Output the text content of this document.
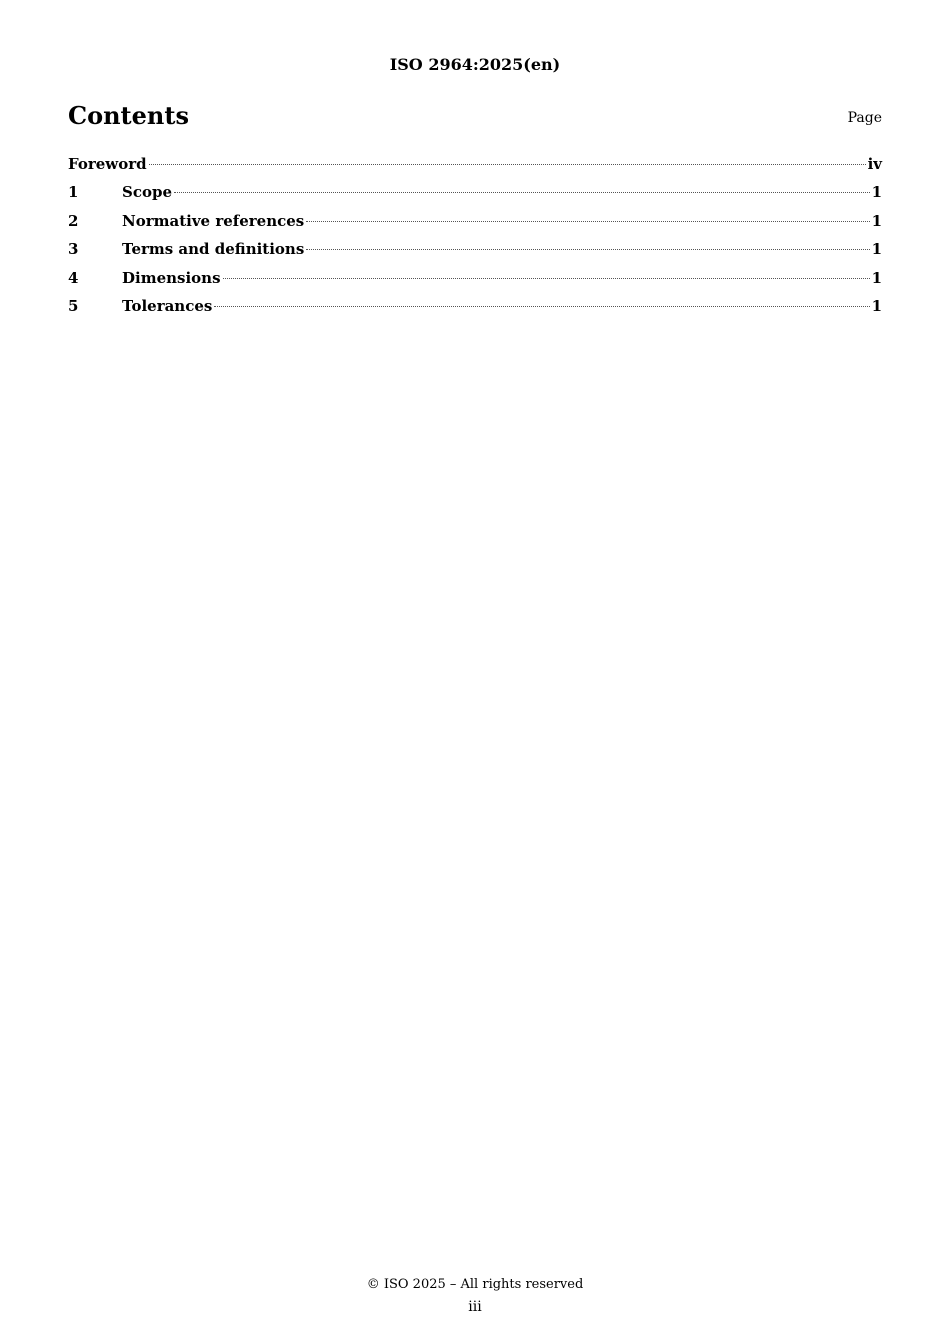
ISO 2964:2025(en)
Contents	Page
Foreword	iv
1	Scope	1
2	Normative references	1
3	Terms and definitions	1
4	Dimensions	1
5	Tolerances	1
© ISO 2025 – All rights reserved
iii
